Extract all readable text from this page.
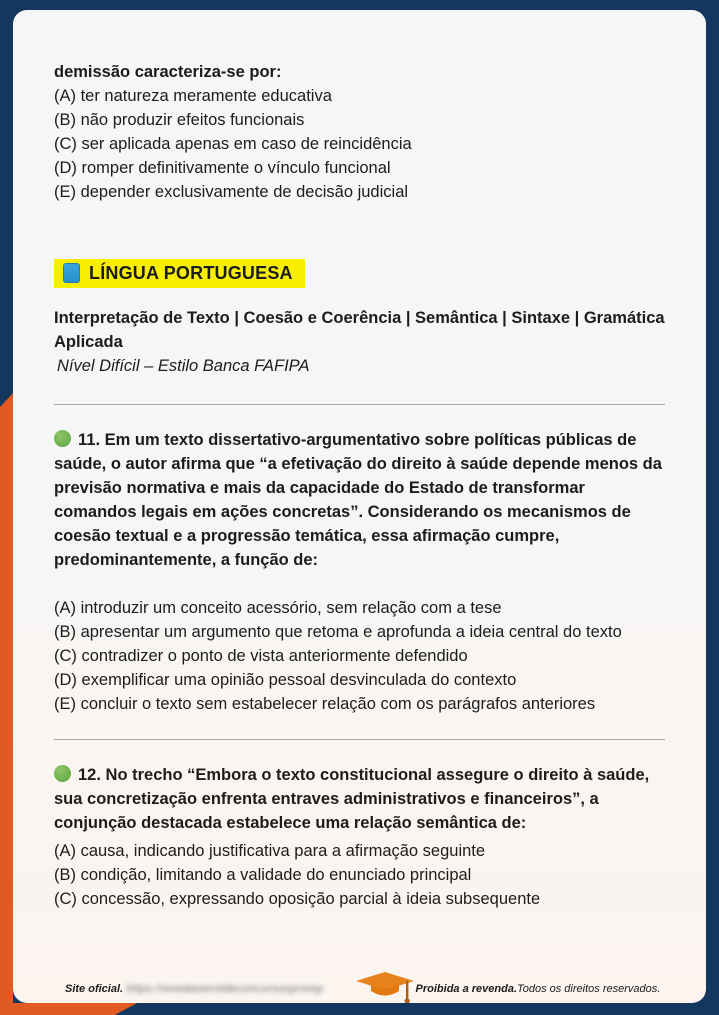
demissão caracteriza-se por:

(A) ter natureza meramente educativa

(B) não produzir efeitos funcionais

(C) ser aplicada apenas em caso de reincidência

(D) romper definitivamente o vínculo funcional

(E) depender exclusivamente de decisão judicial

LÍNGUA PORTUGUESA

Interpretação de Texto | Coesão e Coerência | Semântica | Sintaxe | Gramática Aplicada

Nível Difícil – Estilo Banca FAFIPA

11. Em um texto dissertativo-argumentativo sobre políticas públicas de saúde, o autor afirma que “a efetivação do direito à saúde depende menos da previsão normativa e mais da capacidade do Estado de transformar comandos legais em ações concretas”. Considerando os mecanismos de coesão textual e a progressão temática, essa afirmação cumpre, predominantemente, a função de:

(A) introduzir um conceito acessório, sem relação com a tese

(B) apresentar um argumento que retoma e aprofunda a ideia central do texto

(C) contradizer o ponto de vista anteriormente defendido

(D) exemplificar uma opinião pessoal desvinculada do contexto

(E) concluir o texto sem estabelecer relação com os parágrafos anteriores

12. No trecho “Embora o texto constitucional assegure o direito à saúde, sua concretização enfrenta entraves administrativos e financeiros”, a conjunção destacada estabelece uma relação semântica de:

(A) causa, indicando justificativa para a afirmação seguinte

(B) condição, limitando a validade do enunciado principal

(C) concessão, expressando oposição parcial à ideia subsequente

Site oficial. https://onedaseiroldeconcursospromp	Proibida a revenda. Todos os direitos reservados.
